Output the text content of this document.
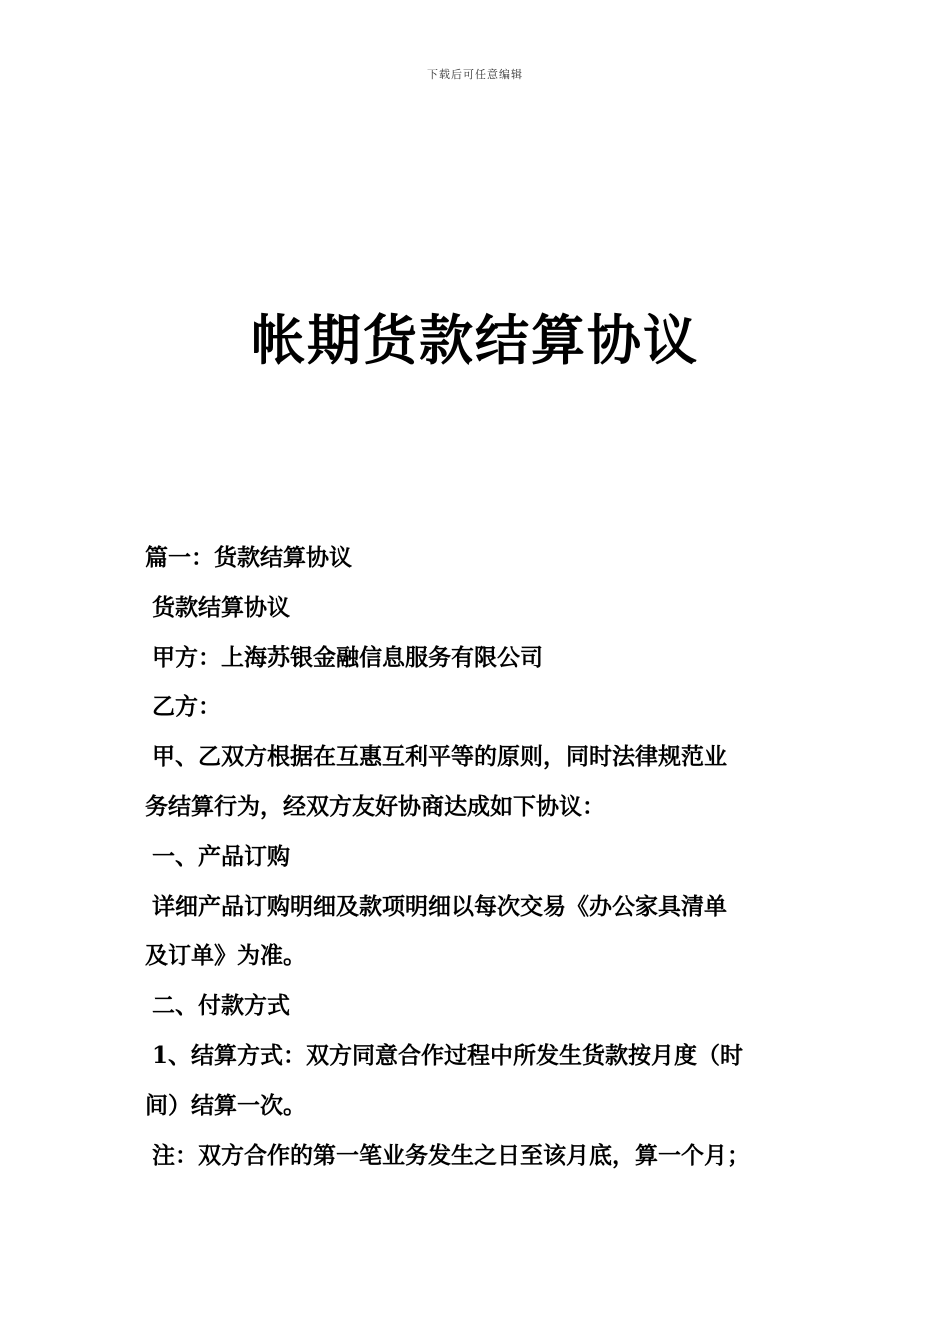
下载后可任意编辑
帐期货款结算协议

篇一：货款结算协议

货款结算协议

甲方：上海苏银金融信息服务有限公司

乙方：

甲、乙双方根据在互惠互利平等的原则，同时法律规范业

务结算行为，经双方友好协商达成如下协议：

一、产品订购

详细产品订购明细及款项明细以每次交易《办公家具清单

及订单》为准。

二、付款方式

1、结算方式：双方同意合作过程中所发生货款按月度（时

间）结算一次。

注：双方合作的第一笔业务发生之日至该月底，算一个月；
